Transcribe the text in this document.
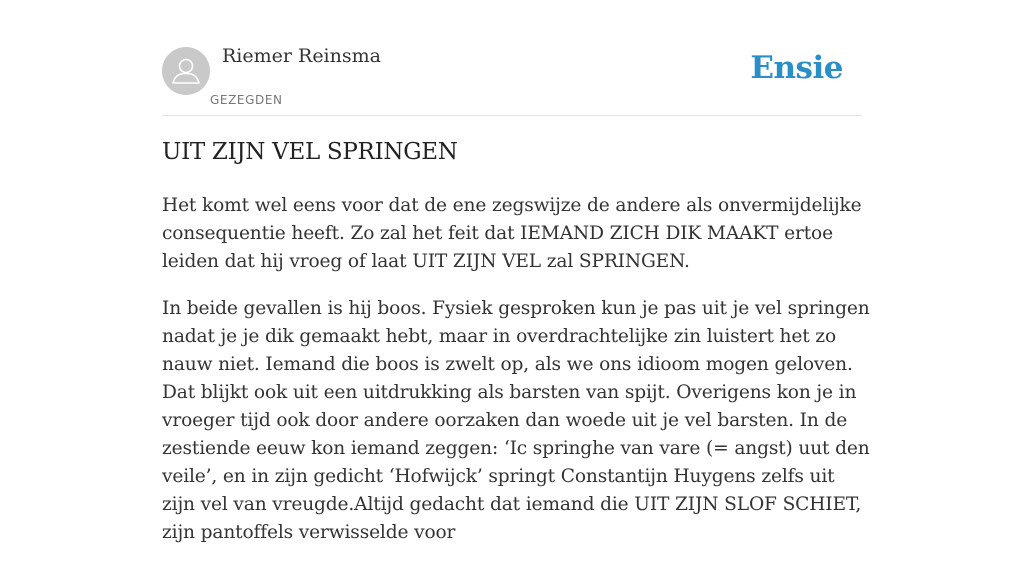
Riemer Reinsma
GEZEGDEN
Ensie
UIT ZIJN VEL SPRINGEN

Het komt wel eens voor dat de ene zegswijze de andere als onvermijdelijke consequentie heeft. Zo zal het feit dat IEMAND ZICH DIK MAAKT ertoe leiden dat hij vroeg of laat UIT ZIJN VEL zal SPRINGEN.

In beide gevallen is hij boos. Fysiek gesproken kun je pas uit je vel springen nadat je je dik gemaakt hebt, maar in overdrachtelijke zin luistert het zo nauw niet. Iemand die boos is zwelt op, als we ons idioom mogen geloven. Dat blijkt ook uit een uitdrukking als barsten van spijt. Overigens kon je in vroeger tijd ook door andere oorzaken dan woede uit je vel barsten. In de zestiende eeuw kon iemand zeggen: ‘Ic springhe van vare (= angst) uut den veile’, en in zijn gedicht ‘Hofwijck’ springt Constantijn Huygens zelfs uit zijn vel van vreugde.Altijd gedacht dat iemand die UIT ZIJN SLOF SCHIET, zijn pantoffels verwisselde voor
